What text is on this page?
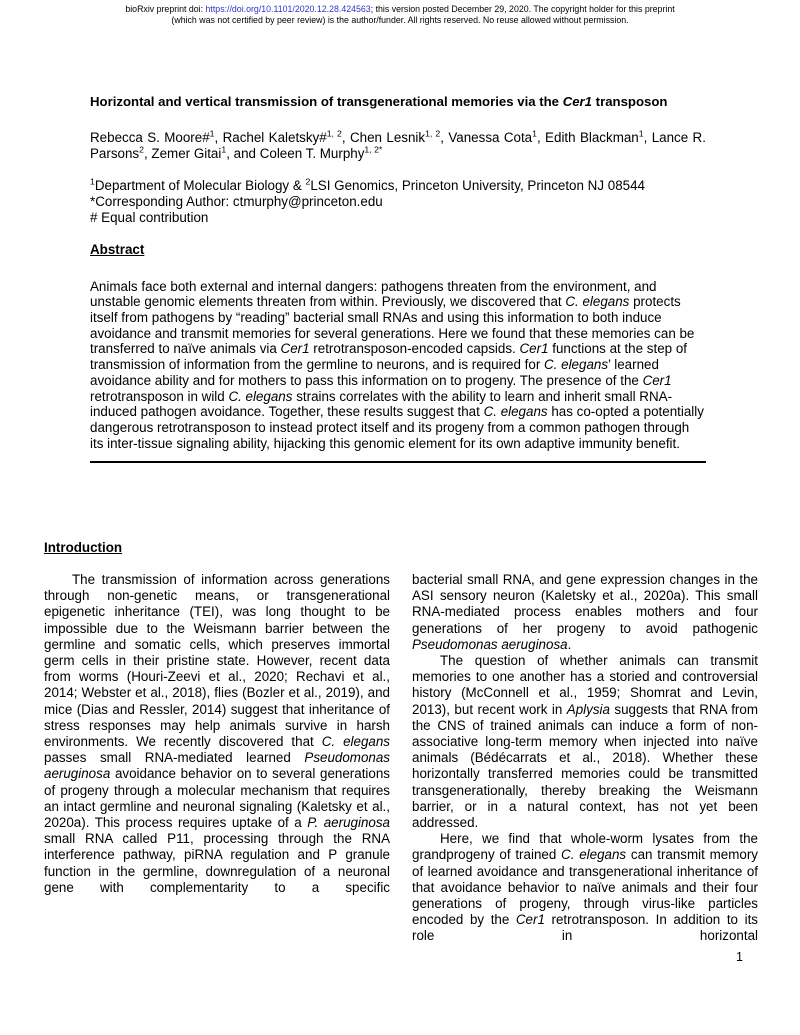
bioRxiv preprint doi: https://doi.org/10.1101/2020.12.28.424563; this version posted December 29, 2020. The copyright holder for this preprint
(which was not certified by peer review) is the author/funder. All rights reserved. No reuse allowed without permission.
Horizontal and vertical transmission of transgenerational memories via the Cer1 transposon

Rebecca S. Moore#$^1$, Rachel Kaletsky#$^{1, 2}$, Chen Lesnik$^{1, 2}$, Vanessa Cota$^1$, Edith Blackman$^1$, Lance R. Parsons$^2$, Zemer Gitai$^1$, and Coleen T. Murphy$^{1, 2*}$

$^1$Department of Molecular Biology & $^2$LSI Genomics, Princeton University, Princeton NJ 08544

*Corresponding Author: ctmurphy@princeton.edu

# Equal contribution

Abstract

Animals face both external and internal dangers: pathogens threaten from the environment, and unstable genomic elements threaten from within. Previously, we discovered that C. elegans protects itself from pathogens by “reading” bacterial small RNAs and using this information to both induce avoidance and transmit memories for several generations. Here we found that these memories can be transferred to naïve animals via Cer1 retrotransposon-encoded capsids. Cer1 functions at the step of transmission of information from the germline to neurons, and is required for C. elegans’ learned avoidance ability and for mothers to pass this information on to progeny. The presence of the Cer1 retrotransposon in wild C. elegans strains correlates with the ability to learn and inherit small RNA-induced pathogen avoidance. Together, these results suggest that C. elegans has co-opted a potentially dangerous retrotransposon to instead protect itself and its progeny from a common pathogen through its inter-tissue signaling ability, hijacking this genomic element for its own adaptive immunity benefit.

Introduction

The transmission of information across generations through non-genetic means, or transgenerational epigenetic inheritance (TEI), was long thought to be impossible due to the Weismann barrier between the germline and somatic cells, which preserves immortal germ cells in their pristine state. However, recent data from worms (Houri-Zeevi et al., 2020; Rechavi et al., 2014; Webster et al., 2018), flies (Bozler et al., 2019), and mice (Dias and Ressler, 2014) suggest that inheritance of stress responses may help animals survive in harsh environments. We recently discovered that C. elegans passes small RNA-mediated learned Pseudomonas aeruginosa avoidance behavior on to several generations of progeny through a molecular mechanism that requires an intact germline and neuronal signaling (Kaletsky et al., 2020a). This process requires uptake of a P. aeruginosa small RNA called P11, processing through the RNA interference pathway, piRNA regulation and P granule function in the germline, downregulation of a neuronal gene with complementarity to a specific

bacterial small RNA, and gene expression changes in the ASI sensory neuron (Kaletsky et al., 2020a). This small RNA-mediated process enables mothers and four generations of her progeny to avoid pathogenic Pseudomonas aeruginosa.

The question of whether animals can transmit memories to one another has a storied and controversial history (McConnell et al., 1959; Shomrat and Levin, 2013), but recent work in Aplysia suggests that RNA from the CNS of trained animals can induce a form of non-associative long-term memory when injected into naïve animals (Bédécarrats et al., 2018). Whether these horizontally transferred memories could be transmitted transgenerationally, thereby breaking the Weismann barrier, or in a natural context, has not yet been addressed.

Here, we find that whole-worm lysates from the grandprogeny of trained C. elegans can transmit memory of learned avoidance and transgenerational inheritance of that avoidance behavior to naïve animals and their four generations of progeny, through virus-like particles encoded by the Cer1 retrotransposon. In addition to its role in horizontal

1
